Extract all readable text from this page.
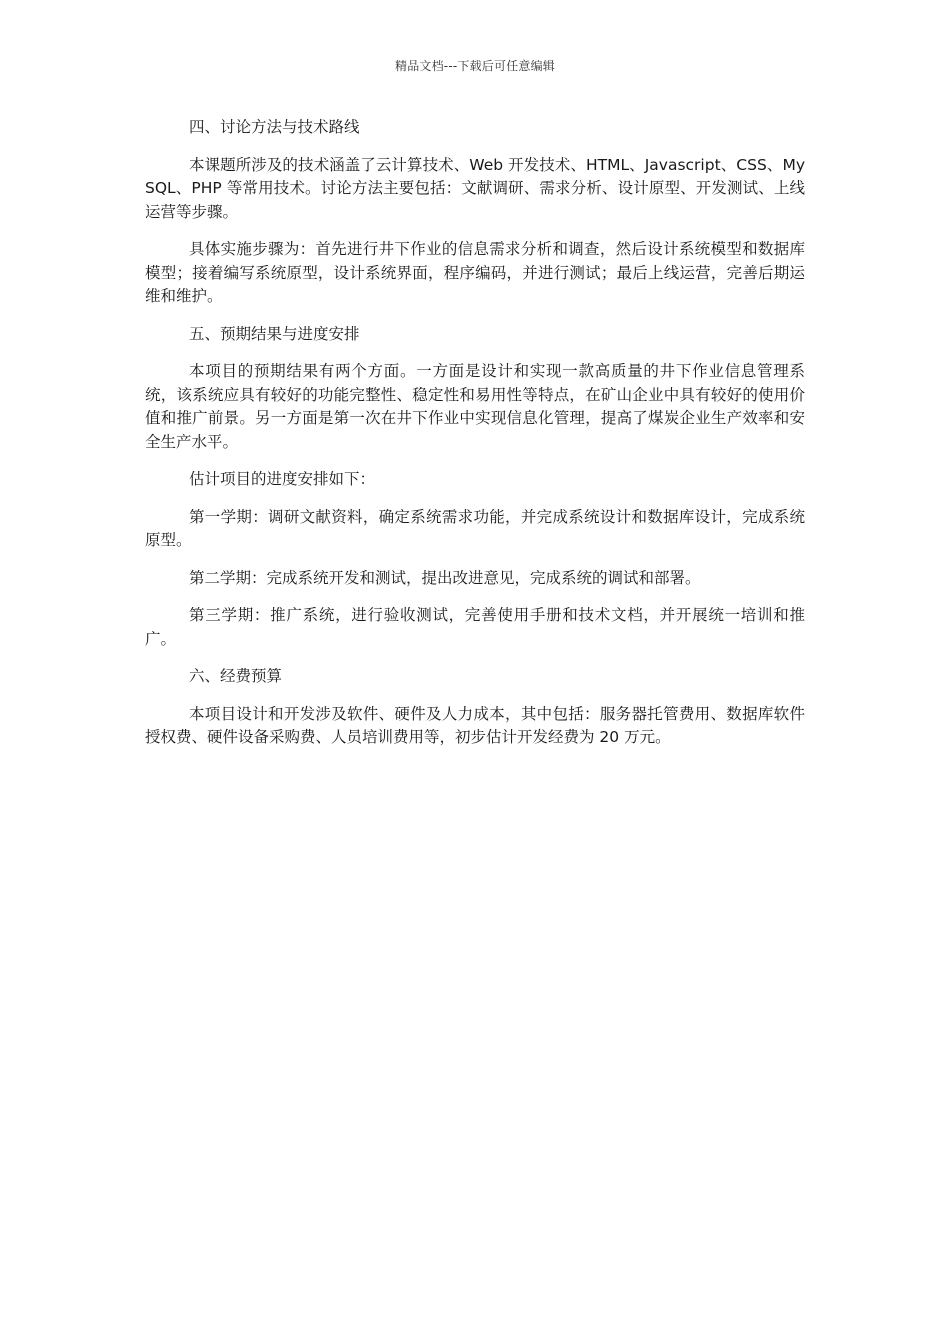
精品文档---下载后可任意编辑

四、讨论方法与技术路线

本课题所涉及的技术涵盖了云计算技术、Web 开发技术、HTML、Javascript、CSS、MySQL、PHP 等常用技术。讨论方法主要包括：文献调研、需求分析、设计原型、开发测试、上线运营等步骤。

具体实施步骤为：首先进行井下作业的信息需求分析和调查，然后设计系统模型和数据库模型；接着编写系统原型，设计系统界面，程序编码，并进行测试；最后上线运营，完善后期运维和维护。

五、预期结果与进度安排

本项目的预期结果有两个方面。一方面是设计和实现一款高质量的井下作业信息管理系统，该系统应具有较好的功能完整性、稳定性和易用性等特点，在矿山企业中具有较好的使用价值和推广前景。另一方面是第一次在井下作业中实现信息化管理，提高了煤炭企业生产效率和安全生产水平。

估计项目的进度安排如下：

第一学期：调研文献资料，确定系统需求功能，并完成系统设计和数据库设计，完成系统原型。

第二学期：完成系统开发和测试，提出改进意见，完成系统的调试和部署。

第三学期：推广系统，进行验收测试，完善使用手册和技术文档，并开展统一培训和推广。

六、经费预算

本项目设计和开发涉及软件、硬件及人力成本，其中包括：服务器托管费用、数据库软件授权费、硬件设备采购费、人员培训费用等，初步估计开发经费为 20 万元。
